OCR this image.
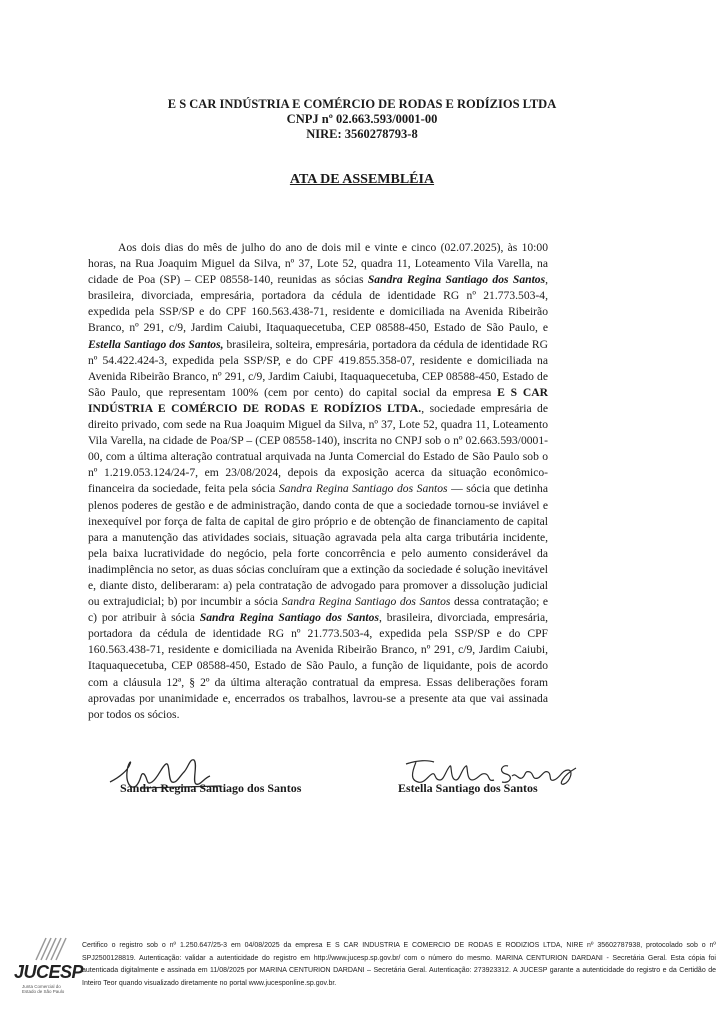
E S CAR INDÚSTRIA E COMÉRCIO DE RODAS E RODÍZIOS LTDA
CNPJ nº 02.663.593/0001-00
NIRE: 3560278793-8
ATA DE ASSEMBLÉIA
Aos dois dias do mês de julho do ano de dois mil e vinte e cinco (02.07.2025), às 10:00 horas, na Rua Joaquim Miguel da Silva, nº 37, Lote 52, quadra 11, Loteamento Vila Varella, na cidade de Poa (SP) – CEP 08558-140, reunidas as sócias Sandra Regina Santiago dos Santos, brasileira, divorciada, empresária, portadora da cédula de identidade RG nº 21.773.503-4, expedida pela SSP/SP e do CPF 160.563.438-71, residente e domiciliada na Avenida Ribeirão Branco, nº 291, c/9, Jardim Caiubi, Itaquaquecetuba, CEP 08588-450, Estado de São Paulo, e Estella Santiago dos Santos, brasileira, solteira, empresária, portadora da cédula de identidade RG nº 54.422.424-3, expedida pela SSP/SP, e do CPF 419.855.358-07, residente e domiciliada na Avenida Ribeirão Branco, nº 291, c/9, Jardim Caiubi, Itaquaquecetuba, CEP 08588-450, Estado de São Paulo, que representam 100% (cem por cento) do capital social da empresa E S CAR INDÚSTRIA E COMÉRCIO DE RODAS E RODÍZIOS LTDA., sociedade empresária de direito privado, com sede na Rua Joaquim Miguel da Silva, nº 37, Lote 52, quadra 11, Loteamento Vila Varella, na cidade de Poa/SP – (CEP 08558-140), inscrita no CNPJ sob o nº 02.663.593/0001-00, com a última alteração contratual arquivada na Junta Comercial do Estado de São Paulo sob o nº 1.219.053.124/24-7, em 23/08/2024, depois da exposição acerca da situação econômico-financeira da sociedade, feita pela sócia Sandra Regina Santiago dos Santos — sócia que detinha plenos poderes de gestão e de administração, dando conta de que a sociedade tornou-se inviável e inexequível por força de falta de capital de giro próprio e de obtenção de financiamento de capital para a manutenção das atividades sociais, situação agravada pela alta carga tributária incidente, pela baixa lucratividade do negócio, pela forte concorrência e pelo aumento considerável da inadimplência no setor, as duas sócias concluíram que a extinção da sociedade é solução inevitável e, diante disto, deliberaram: a) pela contratação de advogado para promover a dissolução judicial ou extrajudicial; b) por incumbir a sócia Sandra Regina Santiago dos Santos dessa contratação; e c) por atribuir à sócia Sandra Regina Santiago dos Santos, brasileira, divorciada, empresária, portadora da cédula de identidade RG nº 21.773.503-4, expedida pela SSP/SP e do CPF 160.563.438-71, residente e domiciliada na Avenida Ribeirão Branco, nº 291, c/9, Jardim Caiubi, Itaquaquecetuba, CEP 08588-450, Estado de São Paulo, a função de liquidante, pois de acordo com a cláusula 12ª, § 2º da última alteração contratual da empresa. Essas deliberações foram aprovadas por unanimidade e, encerrados os trabalhos, lavrou-se a presente ata que vai assinada por todos os sócios.
Sandra Regina Santiago dos Santos	Estella Santiago dos Santos
JUCESP
Junta Comercial do
Estado de São Paulo
Certifico o registro sob o nº 1.250.647/25-3 em 04/08/2025 da empresa E S CAR INDUSTRIA E COMERCIO DE RODAS E RODIZIOS LTDA, NIRE nº 35602787938, protocolado sob o nº SPJ2500128819. Autenticação: validar a autenticidade do registro em http://www.jucesp.sp.gov.br/ com o número do mesmo. MARINA CENTURION DARDANI - Secretária Geral. Esta cópia foi autenticada digitalmente e assinada em 11/08/2025 por MARINA CENTURION DARDANI – Secretária Geral. Autenticação: 273923312. A JUCESP garante a autenticidade do registro e da Certidão de Inteiro Teor quando visualizado diretamente no portal www.jucesponline.sp.gov.br.
